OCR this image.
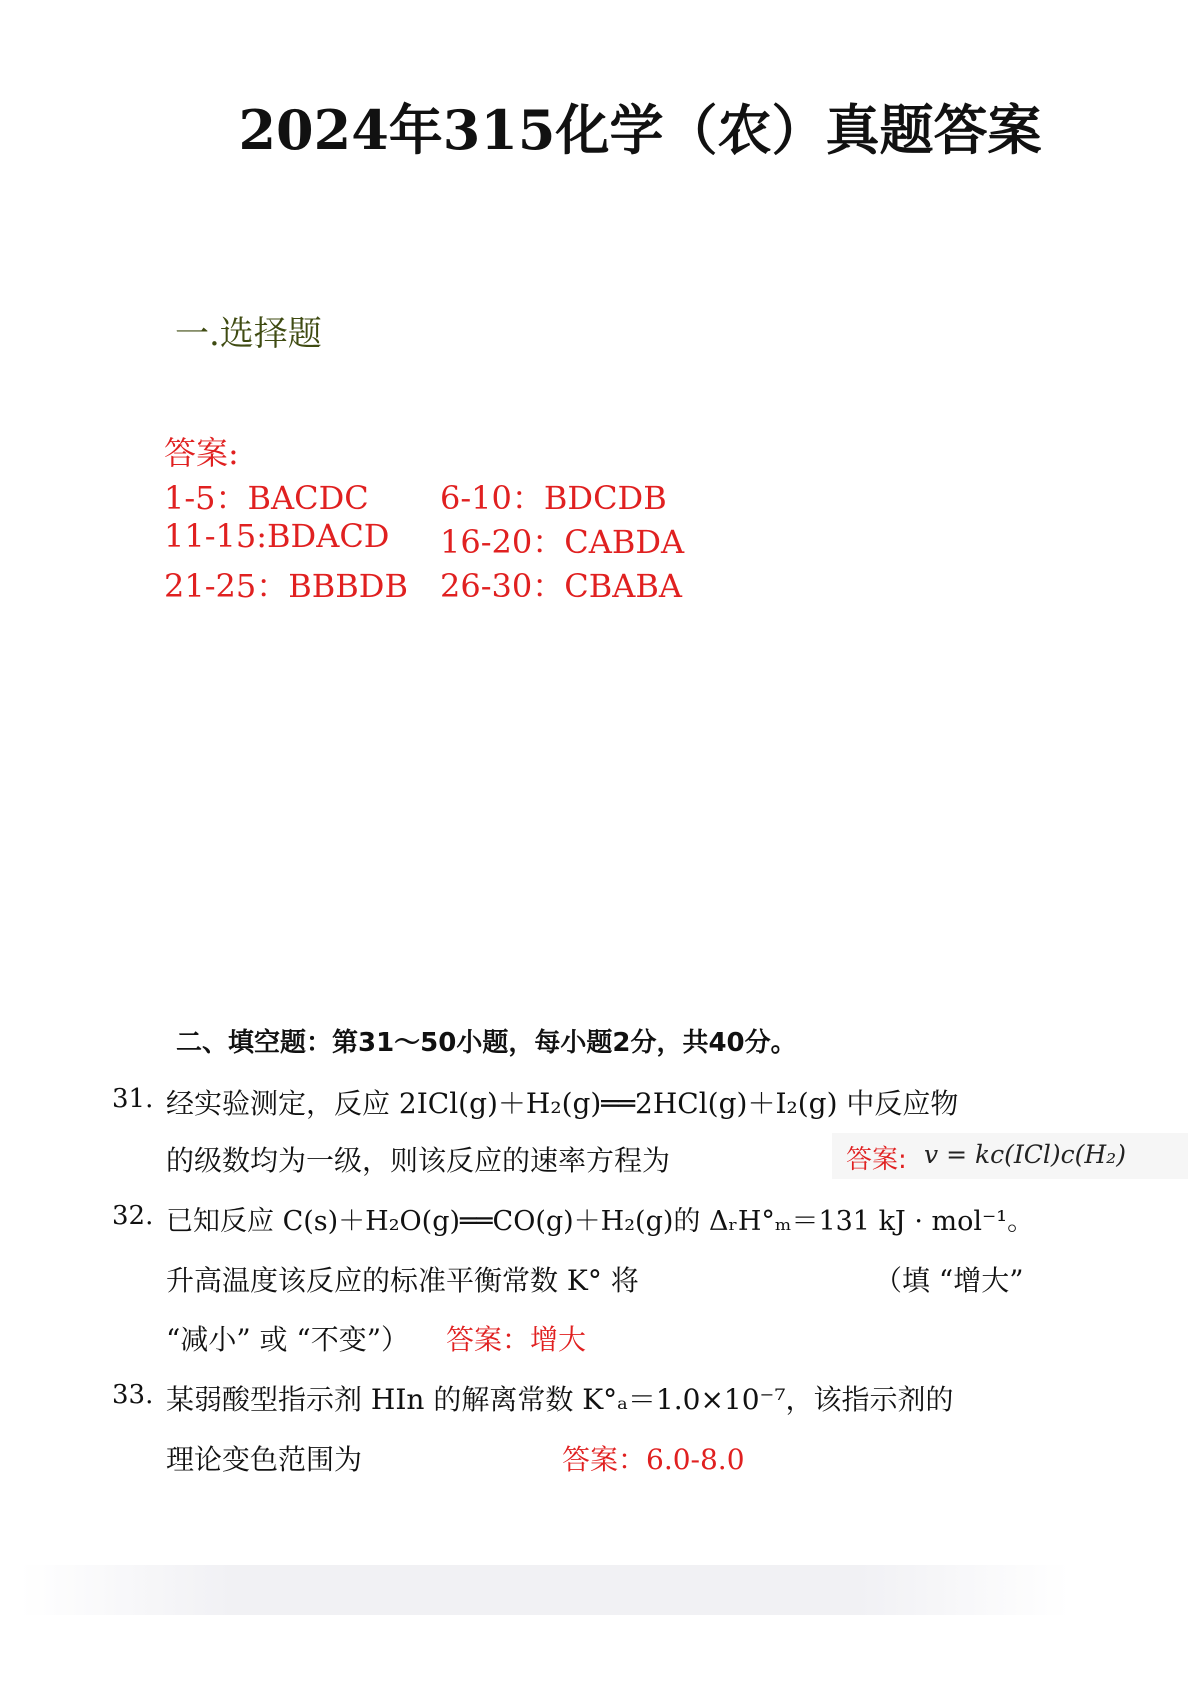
2024年315化学（农）真题答案
一.选择题
答案:
1-5：BACDC 6-10：BDCDB
11-15:BDACD 16-20：CABDA
21-25：BBBDB 26-30：CBABA
二、填空题：第31～50小题，每小题2分，共40分。
31. 经实验测定，反应 2ICl(g)＋H₂(g)══2HCl(g)＋I₂(g) 中反应物
的级数均为一级，则该反应的速率方程为	答案: v = kc(ICl)c(H₂)
32. 已知反应 C(s)＋H₂O(g)══CO(g)＋H₂(g)的 ΔᵣH°ₘ＝131 kJ · mol⁻¹。
升高温度该反应的标准平衡常数 K° 将	（填 “增大”
“减小” 或 “不变”） 答案：增大
33. 某弱酸型指示剂 HIn 的解离常数 K°ₐ＝1.0×10⁻⁷，该指示剂的
理论变色范围为	答案：6.0-8.0
